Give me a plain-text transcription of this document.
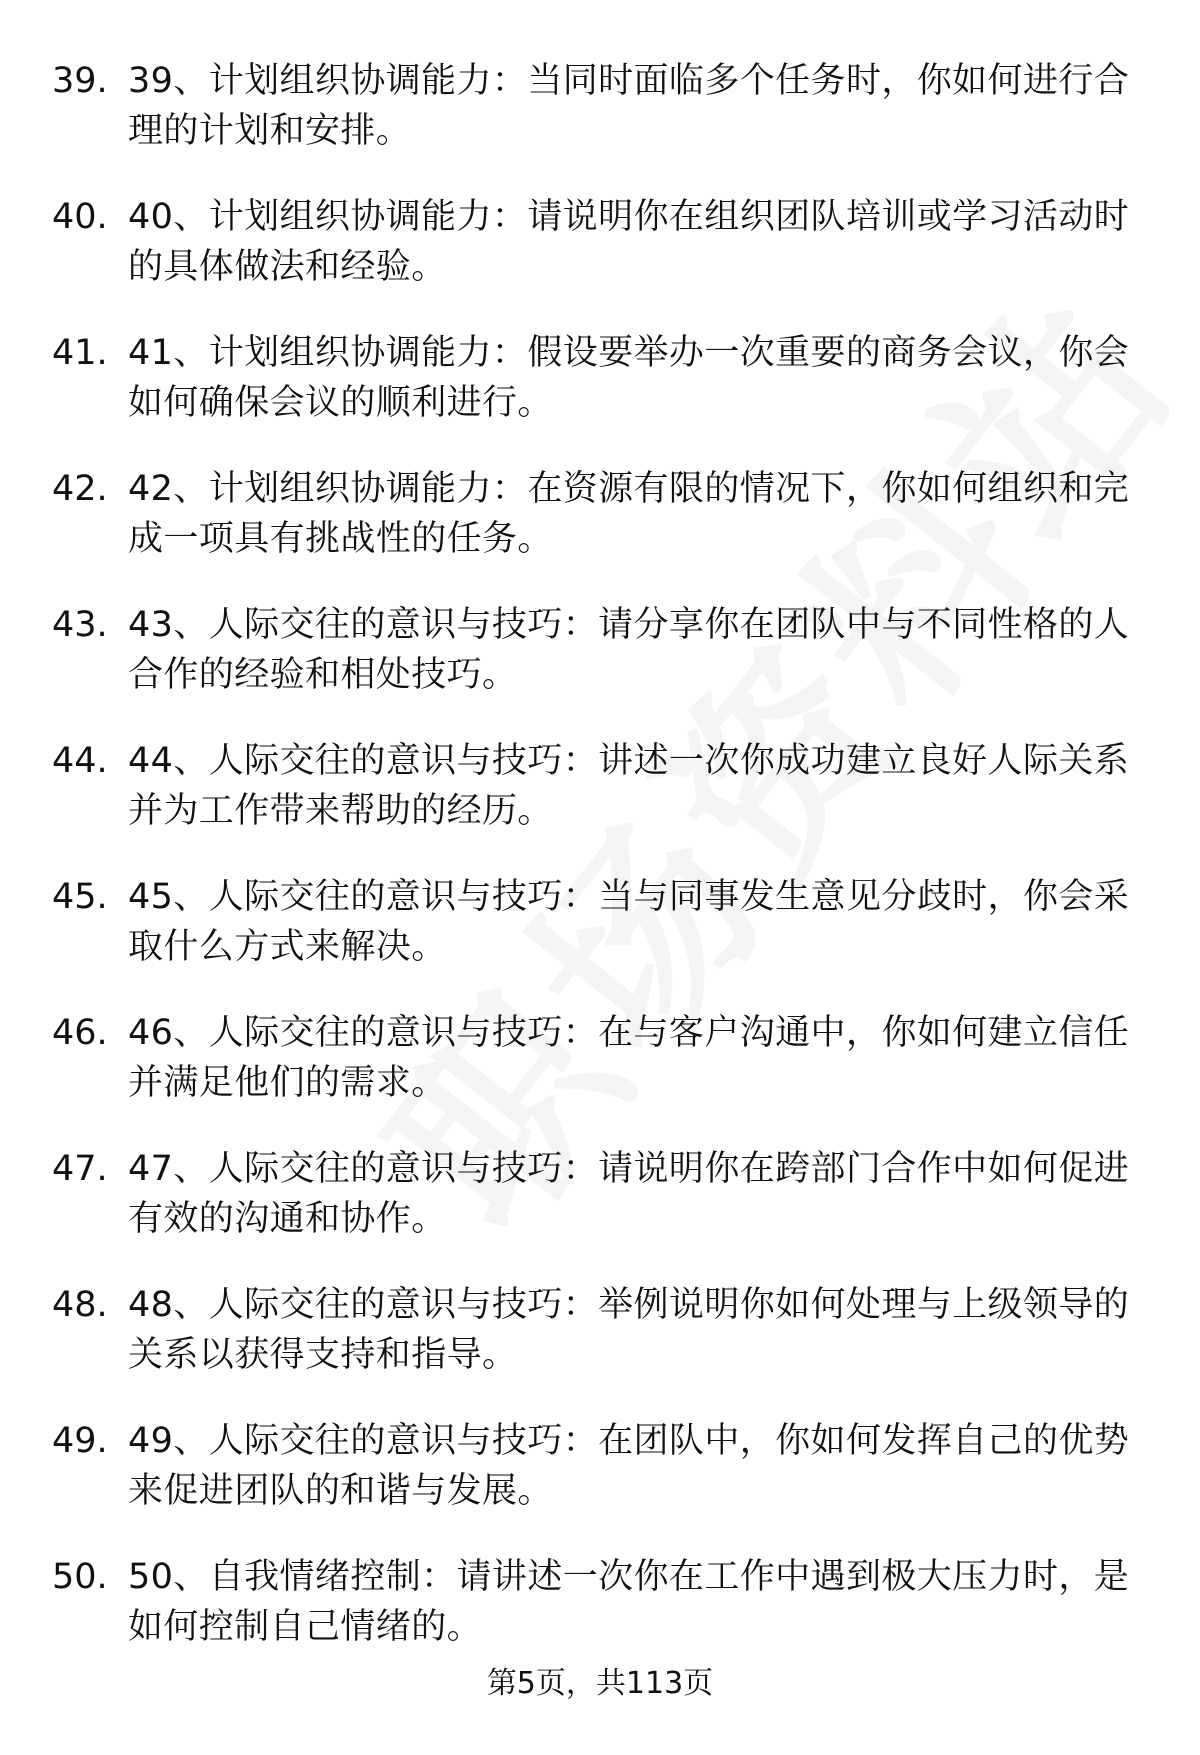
39. 39、计划组织协调能力：当同时面临多个任务时，你如何进行合理的计划和安排。
40. 40、计划组织协调能力：请说明你在组织团队培训或学习活动时的具体做法和经验。
41. 41、计划组织协调能力：假设要举办一次重要的商务会议，你会如何确保会议的顺利进行。
42. 42、计划组织协调能力：在资源有限的情况下，你如何组织和完成一项具有挑战性的任务。
43. 43、人际交往的意识与技巧：请分享你在团队中与不同性格的人合作的经验和相处技巧。
44. 44、人际交往的意识与技巧：讲述一次你成功建立良好人际关系并为工作带来帮助的经历。
45. 45、人际交往的意识与技巧：当与同事发生意见分歧时，你会采取什么方式来解决。
46. 46、人际交往的意识与技巧：在与客户沟通中，你如何建立信任并满足他们的需求。
47. 47、人际交往的意识与技巧：请说明你在跨部门合作中如何促进有效的沟通和协作。
48. 48、人际交往的意识与技巧：举例说明你如何处理与上级领导的关系以获得支持和指导。
49. 49、人际交往的意识与技巧：在团队中，你如何发挥自己的优势来促进团队的和谐与发展。
50. 50、自我情绪控制：请讲述一次你在工作中遇到极大压力时，是如何控制自己情绪的。
第5页，共113页
